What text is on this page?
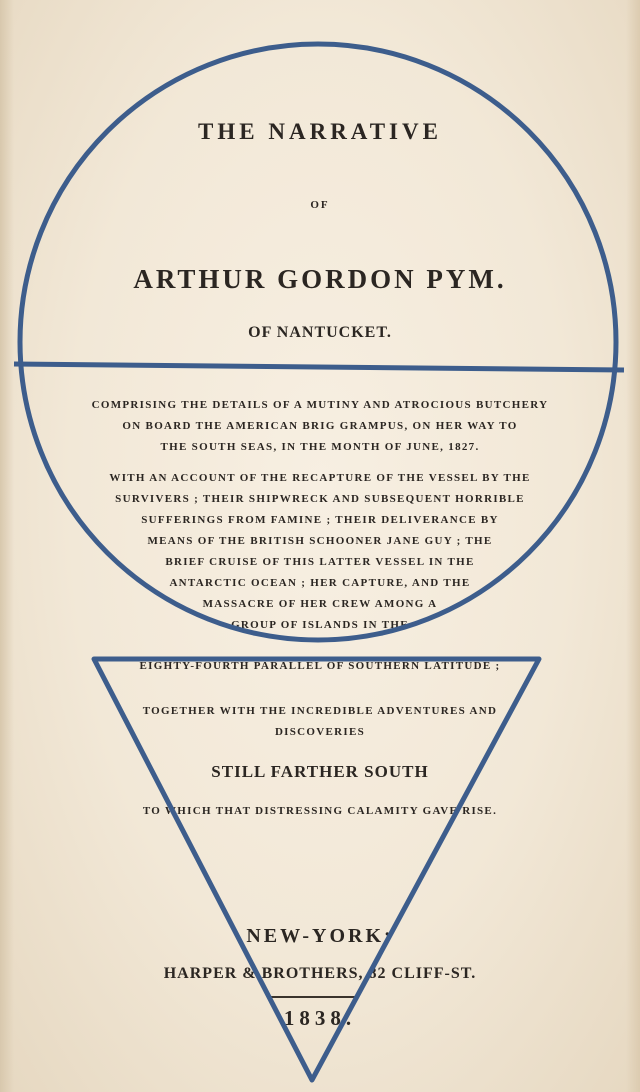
THE NARRATIVE

OF

ARTHUR GORDON PYM.

OF NANTUCKET.

COMPRISING THE DETAILS OF A MUTINY AND ATROCIOUS BUTCHERY

ON BOARD THE AMERICAN BRIG GRAMPUS, ON HER WAY TO

THE SOUTH SEAS, IN THE MONTH OF JUNE, 1827.

WITH AN ACCOUNT OF THE RECAPTURE OF THE VESSEL BY THE

SURVIVERS ; THEIR SHIPWRECK AND SUBSEQUENT HORRIBLE

SUFFERINGS FROM FAMINE ; THEIR DELIVERANCE BY

MEANS OF THE BRITISH SCHOONER JANE GUY ; THE

BRIEF CRUISE OF THIS LATTER VESSEL IN THE

ANTARCTIC OCEAN ; HER CAPTURE, AND THE

MASSACRE OF HER CREW AMONG A

GROUP OF ISLANDS IN THE

EIGHTY-FOURTH PARALLEL OF SOUTHERN LATITUDE ;

TOGETHER WITH THE INCREDIBLE ADVENTURES AND

DISCOVERIES

STILL FARTHER SOUTH

TO WHICH THAT DISTRESSING CALAMITY GAVE RISE.

NEW-YORK:

HARPER & BROTHERS, 82 CLIFF-ST.

1838.
